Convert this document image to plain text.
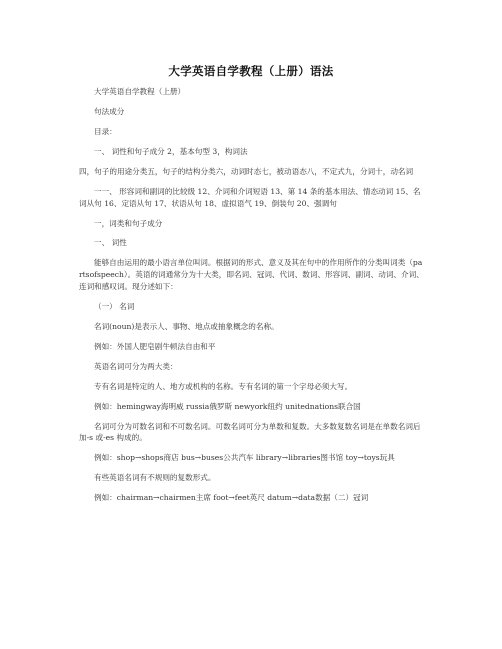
大学英语自学教程（上册）语法

大学英语自学教程（上册）

句法成分

目录：

一、 词性和句子成分 2，基本句型 3，构词法

四，句子的用途分类五，句子的结构分类六，动词时态七，被动语态八，不定式九，分词十，动名词

一一、 形容词和副词的比较级 12、介词和介词短语 13、第 14 条的基本用法、情态动词 15、名词从句 16、定语从句 17、状语从句 18、虚拟语气 19、倒装句 20、强调句

一，词类和句子成分

一、 词性

能够自由运用的最小语言单位叫词。根据词的形式、意义及其在句中的作用所作的分类叫词类（partsofspeech）。英语的词通常分为十大类，即名词、冠词、代词、数词、形容词、副词、动词、介词、连词和感叹词。现分述如下：

（一） 名词

名词(noun)是表示人、事物、地点或抽象概念的名称。

例如：外国人肥皂剧牛顿法自由和平

英语名词可分为两大类：

专有名词是特定的人、地方或机构的名称。专有名词的第一个字母必须大写。

例如：hemingway海明威 russia俄罗斯 newyork纽约 unitednations联合国

名词可分为可数名词和不可数名词。可数名词可分为单数和复数。大多数复数名词是在单数名词后加-s 或-es 构成的。

例如：shop→shops商店 bus→buses公共汽车 library→libraries图书馆 toy→toys玩具

有些英语名词有不规则的复数形式。

例如：chairman→chairmen主席 foot→feet英尺 datum→data数据（二）冠词
